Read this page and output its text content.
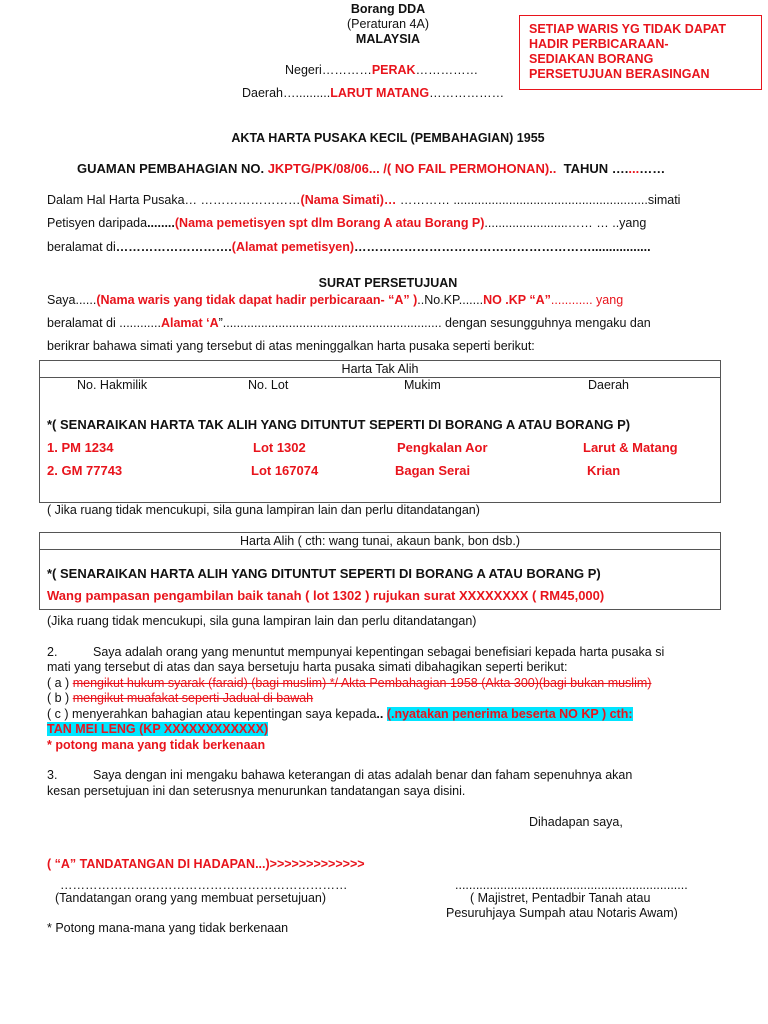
Borang DDA
(Peraturan 4A)
MALAYSIA
Negeri…………PERAK……………
Daerah…..........LARUT MATANG………………
SETIAP WARIS YG TIDAK DAPAT
HADIR PERBICARAAN-
SEDIAKAN BORANG
PERSETUJUAN BERASINGAN
AKTA HARTA PUSAKA KECIL (PEMBAHAGIAN) 1955
GUAMAN PEMBAHAGIAN NO. JKPTG/PK/08/06... /( NO FAIL PERMOHONAN).. TAHUN …....……
Dalam Hal Harta Pusaka… ……………………(Nama Simati)… ………… ........................................................simati
Petisyen daripada........(Nama pemetisyen spt dlm Borang A atau Borang P)........................…… … ..yang
beralamat di……………………….(Alamat pemetisyen)………………………………………………….................
SURAT PERSETUJUAN
Saya......(Nama waris yang tidak dapat hadir perbicaraan- “A” )..No.KP.......NO .KP “A”............ yang
beralamat di ............Alamat ‘A”............................................................... dengan sesungguhnya mengaku dan
berikrar bahawa simati yang tersebut di atas meninggalkan harta pusaka seperti berikut:
Harta Tak Alih
No. Hakmilik	No. Lot	Mukim	Daerah
*( SENARAIKAN HARTA TAK ALIH YANG DITUNTUT SEPERTI DI BORANG A ATAU BORANG P)
1. PM 1234	Lot 1302	Pengkalan Aor	Larut & Matang
2. GM 77743	Lot 167074	Bagan Serai	Krian
( Jika ruang tidak mencukupi, sila guna lampiran lain dan perlu ditandatangan)
Harta Alih ( cth: wang tunai, akaun bank, bon dsb.)
*( SENARAIKAN HARTA ALIH YANG DITUNTUT SEPERTI DI BORANG A ATAU BORANG P)
Wang pampasan pengambilan baik tanah ( lot 1302 ) rujukan surat XXXXXXXX ( RM45,000)
(Jika ruang tidak mencukupi, sila guna lampiran lain dan perlu ditandatangan)
2.	Saya adalah orang yang menuntut mempunyai kepentingan sebagai benefisiari kepada harta pusaka si
mati yang tersebut di atas dan saya bersetuju harta pusaka simati dibahagikan seperti berikut:
( a ) mengikut hukum syarak (faraid) (bagi muslim) */ Akta Pembahagian 1958 (Akta 300)(bagi bukan muslim)
( b ) mengikut muafakat seperti Jadual di bawah
( c ) menyerahkan bahagian atau kepentingan saya kepada.. (.nyatakan penerima beserta NO KP ) cth:
TAN MEI LENG (KP XXXXXXXXXXXX)
* potong mana yang tidak berkenaan
3.	Saya dengan ini mengaku bahawa keterangan di atas adalah benar dan faham sepenuhnya akan
kesan persetujuan ini dan seterusnya menurunkan tandatangan saya disini.
Dihadapan saya,
( “A” TANDATANGAN DI HADAPAN...)>>>>>>>>>>>>>
……………………………………………………………
(Tandatangan orang yang membuat persetujuan)
...................................................................
( Majistret, Pentadbir Tanah atau
Pesuruhjaya Sumpah atau Notaris Awam)
* Potong mana-mana yang tidak berkenaan
